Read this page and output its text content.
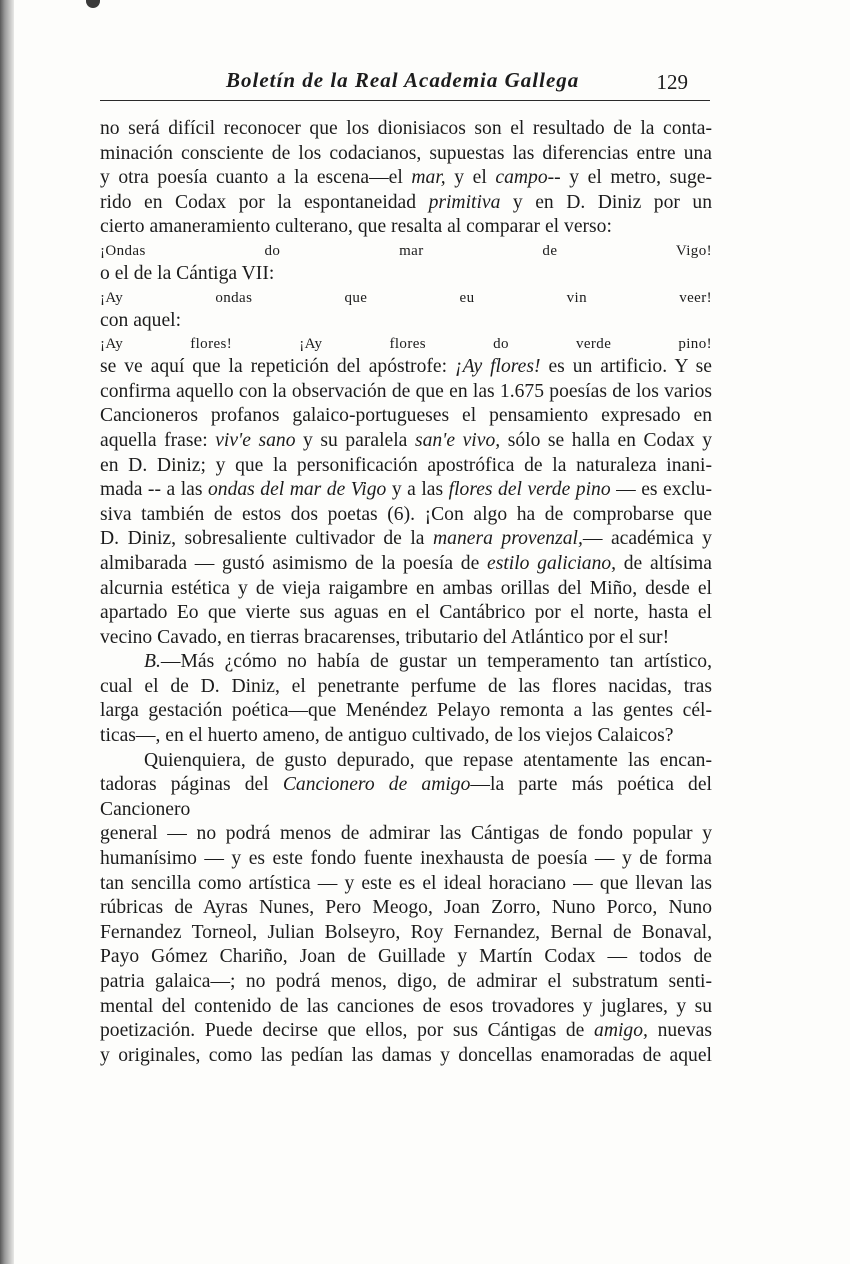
Boletín de la Real Academia Gallega	129

no será difícil reconocer que los dionisiacos son el resultado de la conta-

minación consciente de los codacianos, supuestas las diferencias entre una

y otra poesía cuanto a la escena—el mar, y el campo-- y el metro, suge-

rido en Codax por la espontaneidad primitiva y en D. Diniz por un

cierto amaneramiento culterano, que resalta al comparar el verso:

¡Ondas do mar de Vigo!

o el de la Cántiga VII:

¡Ay ondas que eu vin veer!

con aquel:

¡Ay flores! ¡Ay flores do verde pino!

se ve aquí que la repetición del apóstrofe: ¡Ay flores! es un artificio. Y se

confirma aquello con la observación de que en las 1.675 poesías de los varios

Cancioneros profanos galaico-portugueses el pensamiento expresado en

aquella frase: viv'e sano y su paralela san'e vivo, sólo se halla en Codax y

en D. Diniz; y que la personificación apostrófica de la naturaleza inani-

mada -- a las ondas del mar de Vigo y a las flores del verde pino — es exclu-

siva también de estos dos poetas (6). ¡Con algo ha de comprobarse que

D. Diniz, sobresaliente cultivador de la manera provenzal,— académica y

almibarada — gustó asimismo de la poesía de estilo galiciano, de altísima

alcurnia estética y de vieja raigambre en ambas orillas del Miño, desde el

apartado Eo que vierte sus aguas en el Cantábrico por el norte, hasta el

vecino Cavado, en tierras bracarenses, tributario del Atlántico por el sur!

B.—Más ¿cómo no había de gustar un temperamento tan artístico,

cual el de D. Diniz, el penetrante perfume de las flores nacidas, tras

larga gestación poética—que Menéndez Pelayo remonta a las gentes cél-

ticas—, en el huerto ameno, de antiguo cultivado, de los viejos Calaicos?

Quienquiera, de gusto depurado, que repase atentamente las encan-

tadoras páginas del Cancionero de amigo—la parte más poética del Cancionero

general — no podrá menos de admirar las Cántigas de fondo popular y

humanísimo — y es este fondo fuente inexhausta de poesía — y de forma

tan sencilla como artística — y este es el ideal horaciano — que llevan las

rúbricas de Ayras Nunes, Pero Meogo, Joan Zorro, Nuno Porco, Nuno

Fernandez Torneol, Julian Bolseyro, Roy Fernandez, Bernal de Bonaval,

Payo Gómez Chariño, Joan de Guillade y Martín Codax — todos de

patria galaica—; no podrá menos, digo, de admirar el substratum senti-

mental del contenido de las canciones de esos trovadores y juglares, y su

poetización. Puede decirse que ellos, por sus Cántigas de amigo, nuevas

y originales, como las pedían las damas y doncellas enamoradas de aquel
